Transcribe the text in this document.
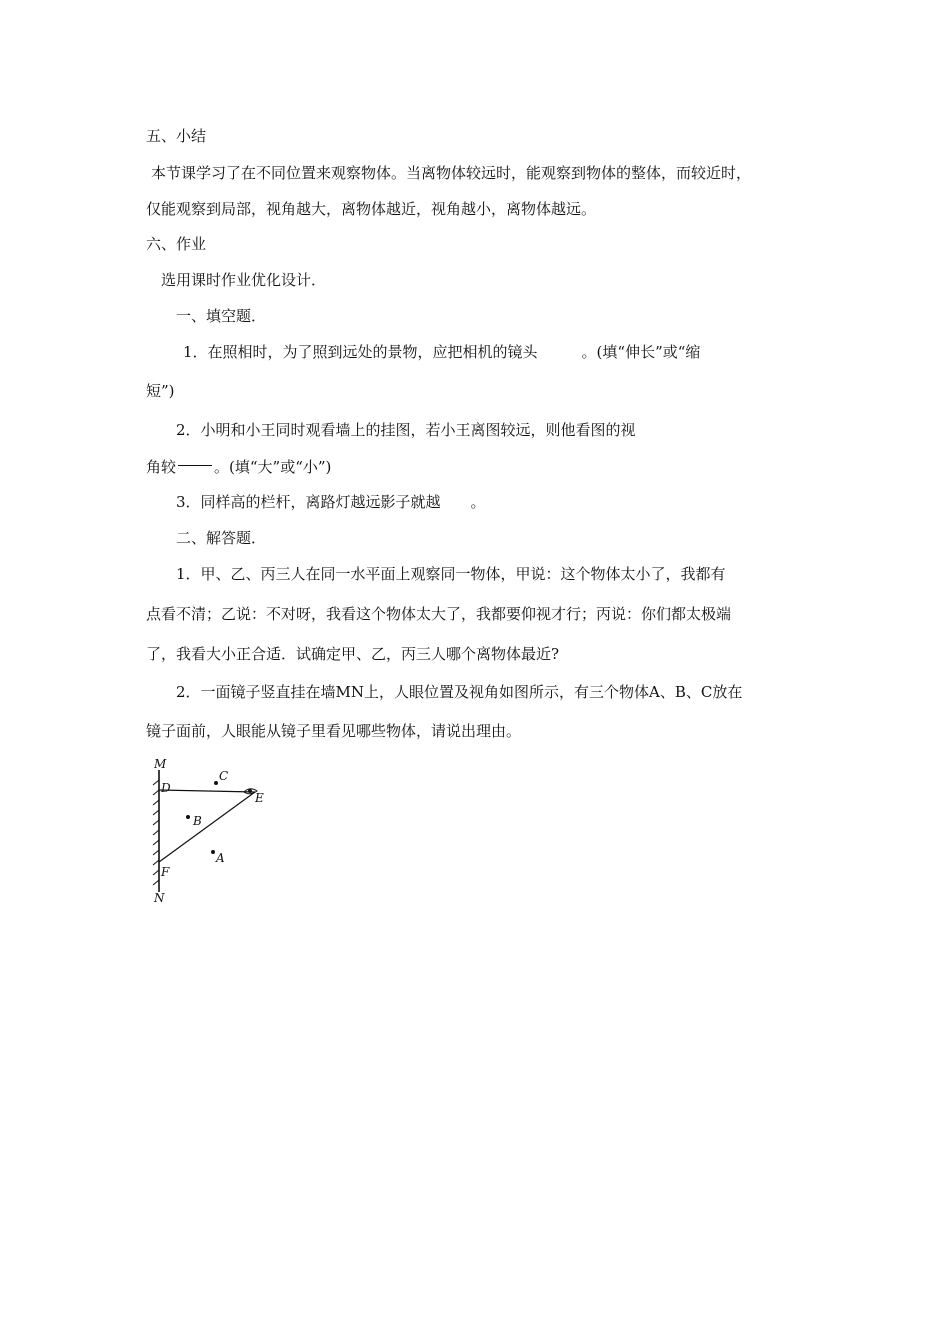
五、小结
本节课学习了在不同位置来观察物体。当离物体较远时，能观察到物体的整体，而较近时，
仅能观察到局部，视角越大，离物体越近，视角越小，离物体越远。
六、作业
选用课时作业优化设计．
一、填空题．
1．在照相时，为了照到远处的景物，应把相机的镜头	。(填“伸长”或“缩
短”)
2．小明和小王同时观看墙上的挂图，若小王离图较远，则他看图的视
角较	。(填“大”或“小”)
3．同样高的栏杆，离路灯越远影子就越 。
二、解答题．
1．甲、乙、丙三人在同一水平面上观察同一物体，甲说：这个物体太小了，我都有
点看不清；乙说：不对呀，我看这个物体太大了，我都要仰视才行；丙说：你们都太极端
了，我看大小正合适．试确定甲、乙，丙三人哪个离物体最近?
2．一面镜子竖直挂在墙MN上，人眼位置及视角如图所示，有三个物体A、B、C放在
镜子面前，人眼能从镜子里看见哪些物体，请说出理由。
M
D
C
E
B
A
F
N
